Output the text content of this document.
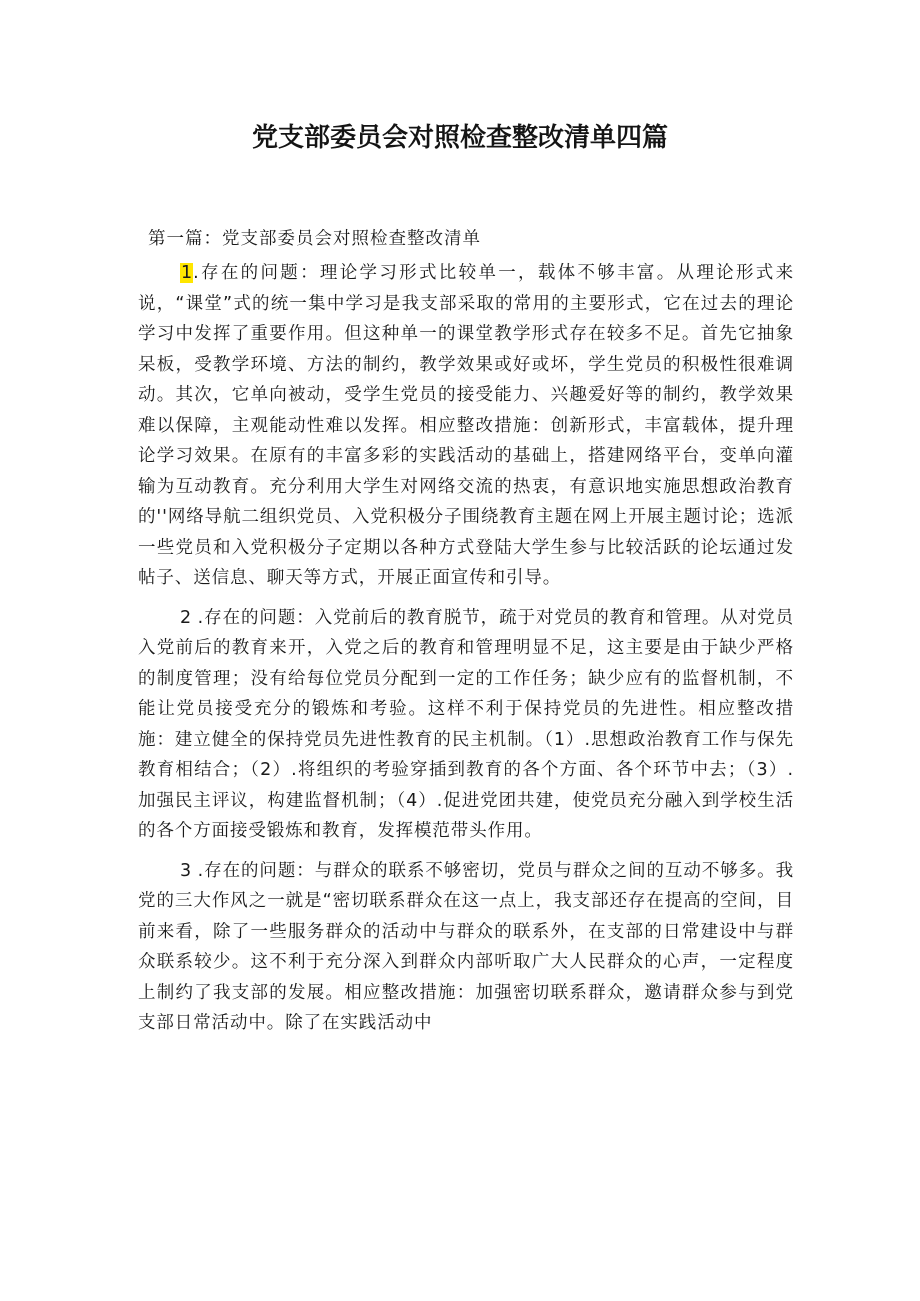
党支部委员会对照检查整改清单四篇
第一篇：党支部委员会对照检查整改清单

1.存在的问题：理论学习形式比较单一，载体不够丰富。从理论形式来说，“课堂”式的统一集中学习是我支部采取的常用的主要形式，它在过去的理论学习中发挥了重要作用。但这种单一的课堂教学形式存在较多不足。首先它抽象呆板，受教学环境、方法的制约，教学效果或好或坏，学生党员的积极性很难调动。其次，它单向被动，受学生党员的接受能力、兴趣爱好等的制约，教学效果难以保障，主观能动性难以发挥。相应整改措施：创新形式，丰富载体，提升理论学习效果。在原有的丰富多彩的实践活动的基础上，搭建网络平台，变单向灌输为互动教育。充分利用大学生对网络交流的热衷，有意识地实施思想政治教育的''网络导航二组织党员、入党积极分子围绕教育主题在网上开展主题讨论；选派一些党员和入党积极分子定期以各种方式登陆大学生参与比较活跃的论坛通过发帖子、送信息、聊天等方式，开展正面宣传和引导。

2 .存在的问题：入党前后的教育脱节，疏于对党员的教育和管理。从对党员入党前后的教育来开，入党之后的教育和管理明显不足，这主要是由于缺少严格的制度管理；没有给每位党员分配到一定的工作任务；缺少应有的监督机制，不能让党员接受充分的锻炼和考验。这样不利于保持党员的先进性。相应整改措施：建立健全的保持党员先进性教育的民主机制。（1）.思想政治教育工作与保先教育相结合；（2）.将组织的考验穿插到教育的各个方面、各个环节中去；（3）.加强民主评议，构建监督机制；（4）.促进党团共建，使党员充分融入到学校生活的各个方面接受锻炼和教育，发挥模范带头作用。

3 .存在的问题：与群众的联系不够密切，党员与群众之间的互动不够多。我党的三大作风之一就是“密切联系群众在这一点上，我支部还存在提高的空间，目前来看，除了一些服务群众的活动中与群众的联系外，在支部的日常建设中与群众联系较少。这不利于充分深入到群众内部听取广大人民群众的心声，一定程度上制约了我支部的发展。相应整改措施：加强密切联系群众，邀请群众参与到党支部日常活动中。除了在实践活动中
